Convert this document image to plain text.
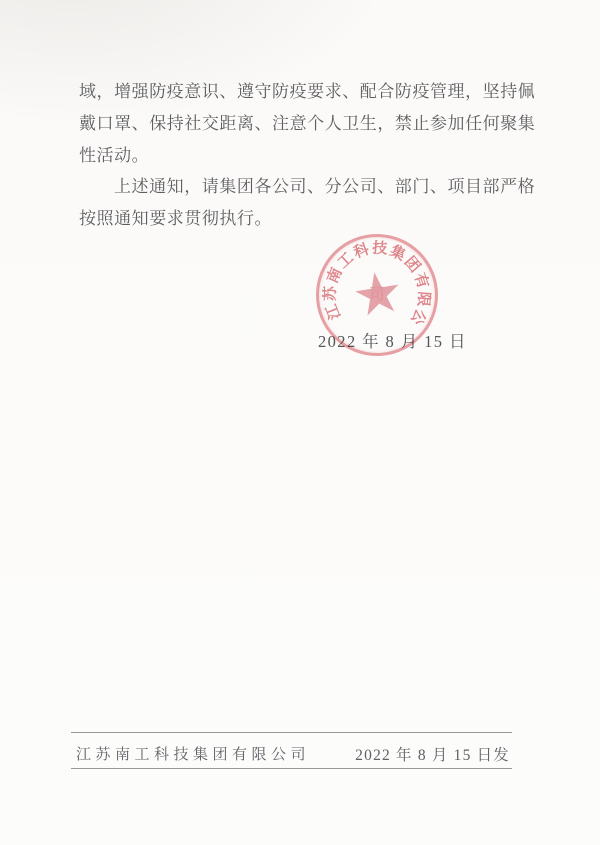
域，增强防疫意识、遵守防疫要求、配合防疫管理，坚持佩
戴口罩、保持社交距离、注意个人卫生，禁止参加任何聚集
性活动。
上述通知，请集团各公司、分公司、部门、项目部严格
按照通知要求贯彻执行。
2022 年 8 月 15 日
江
苏
南
工
科 技 集
团
有
限
公
江苏南工科技集团有限公司	2022 年 8 月 15 日发
